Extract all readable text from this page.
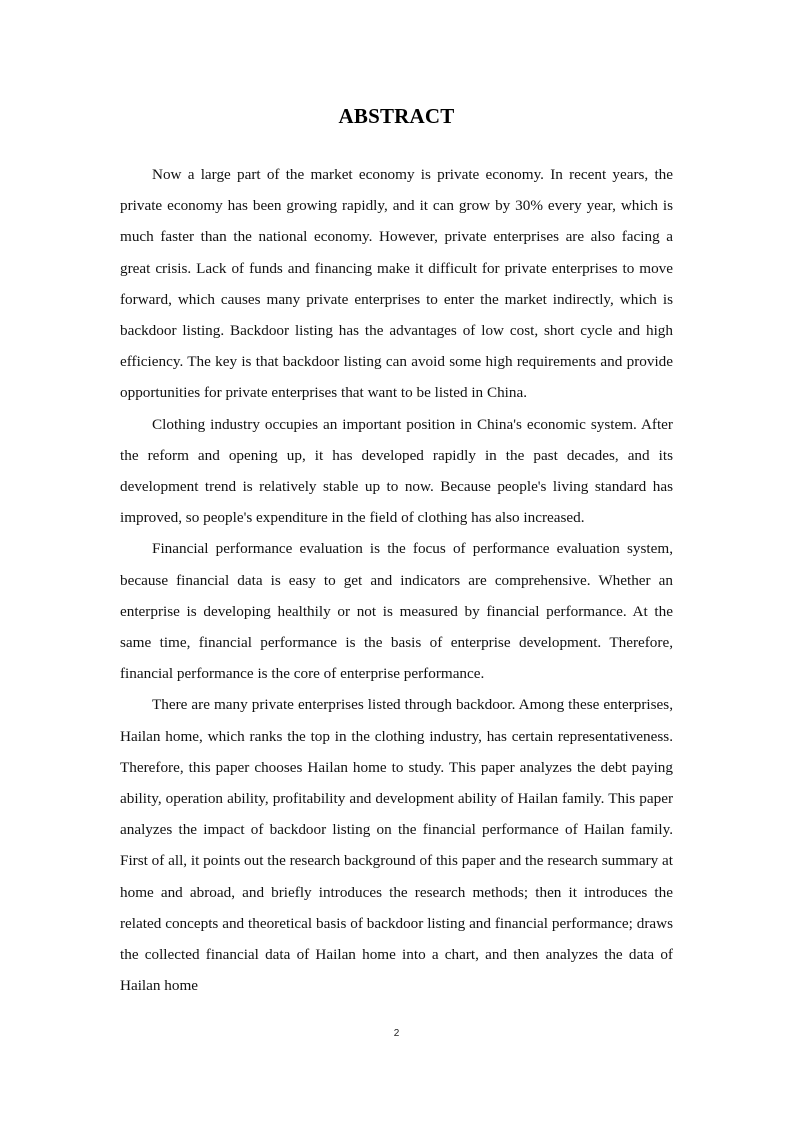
ABSTRACT

Now a large part of the market economy is private economy. In recent years, the private economy has been growing rapidly, and it can grow by 30% every year, which is much faster than the national economy. However, private enterprises are also facing a great crisis. Lack of funds and financing make it difficult for private enterprises to move forward, which causes many private enterprises to enter the market indirectly, which is backdoor listing. Backdoor listing has the advantages of low cost, short cycle and high efficiency. The key is that backdoor listing can avoid some high requirements and provide opportunities for private enterprises that want to be listed in China.

Clothing industry occupies an important position in China's economic system. After the reform and opening up, it has developed rapidly in the past decades, and its development trend is relatively stable up to now. Because people's living standard has improved, so people's expenditure in the field of clothing has also increased.

Financial performance evaluation is the focus of performance evaluation system, because financial data is easy to get and indicators are comprehensive. Whether an enterprise is developing healthily or not is measured by financial performance. At the same time, financial performance is the basis of enterprise development. Therefore, financial performance is the core of enterprise performance.

There are many private enterprises listed through backdoor. Among these enterprises, Hailan home, which ranks the top in the clothing industry, has certain representativeness. Therefore, this paper chooses Hailan home to study. This paper analyzes the debt paying ability, operation ability, profitability and development ability of Hailan family. This paper analyzes the impact of backdoor listing on the financial performance of Hailan family. First of all, it points out the research background of this paper and the research summary at home and abroad, and briefly introduces the research methods; then it introduces the related concepts and theoretical basis of backdoor listing and financial performance; draws the collected financial data of Hailan home into a chart, and then analyzes the data of Hailan home

2
